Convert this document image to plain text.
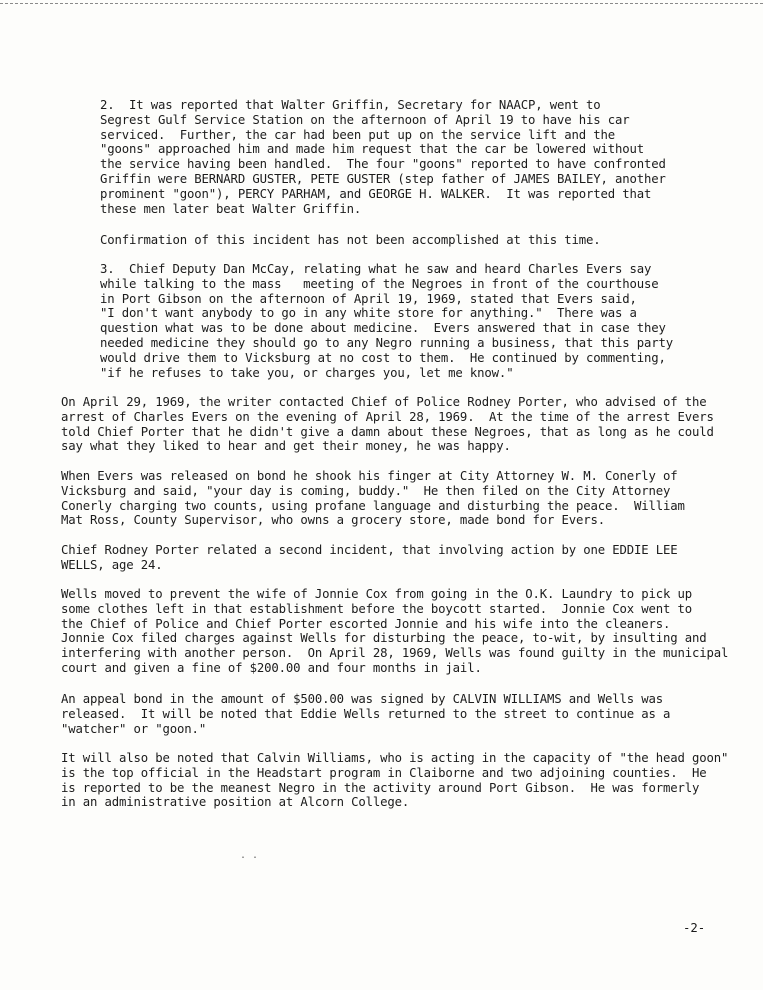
2.  It was reported that Walter Griffin, Secretary for NAACP, went to
Segrest Gulf Service Station on the afternoon of April 19 to have his car
serviced.  Further, the car had been put up on the service lift and the
"goons" approached him and made him request that the car be lowered without
the service having been handled.  The four "goons" reported to have confronted
Griffin were BERNARD GUSTER, PETE GUSTER (step father of JAMES BAILEY, another
prominent "goon"), PERCY PARHAM, and GEORGE H. WALKER.  It was reported that
these men later beat Walter Griffin.

Confirmation of this incident has not been accomplished at this time.

3.  Chief Deputy Dan McCay, relating what he saw and heard Charles Evers say
while talking to the mass   meeting of the Negroes in front of the courthouse
in Port Gibson on the afternoon of April 19, 1969, stated that Evers said,
"I don't want anybody to go in any white store for anything."  There was a
question what was to be done about medicine.  Evers answered that in case they
needed medicine they should go to any Negro running a business, that this party
would drive them to Vicksburg at no cost to them.  He continued by commenting,
"if he refuses to take you, or charges you, let me know."

On April 29, 1969, the writer contacted Chief of Police Rodney Porter, who advised of the
arrest of Charles Evers on the evening of April 28, 1969.  At the time of the arrest Evers
told Chief Porter that he didn't give a damn about these Negroes, that as long as he could
say what they liked to hear and get their money, he was happy.

When Evers was released on bond he shook his finger at City Attorney W. M. Conerly of
Vicksburg and said, "your day is coming, buddy."  He then filed on the City Attorney
Conerly charging two counts, using profane language and disturbing the peace.  William
Mat Ross, County Supervisor, who owns a grocery store, made bond for Evers.

Chief Rodney Porter related a second incident, that involving action by one EDDIE LEE
WELLS, age 24.

Wells moved to prevent the wife of Jonnie Cox from going in the O.K. Laundry to pick up
some clothes left in that establishment before the boycott started.  Jonnie Cox went to
the Chief of Police and Chief Porter escorted Jonnie and his wife into the cleaners.
Jonnie Cox filed charges against Wells for disturbing the peace, to-wit, by insulting and
interfering with another person.  On April 28, 1969, Wells was found guilty in the municipal
court and given a fine of $200.00 and four months in jail.

An appeal bond in the amount of $500.00 was signed by CALVIN WILLIAMS and Wells was
released.  It will be noted that Eddie Wells returned to the street to continue as a
"watcher" or "goon."

It will also be noted that Calvin Williams, who is acting in the capacity of "the head goon"
is the top official in the Headstart program in Claiborne and two adjoining counties.  He
is reported to be the meanest Negro in the activity around Port Gibson.  He was formerly
in an administrative position at Alcorn College.

. .
-2-
